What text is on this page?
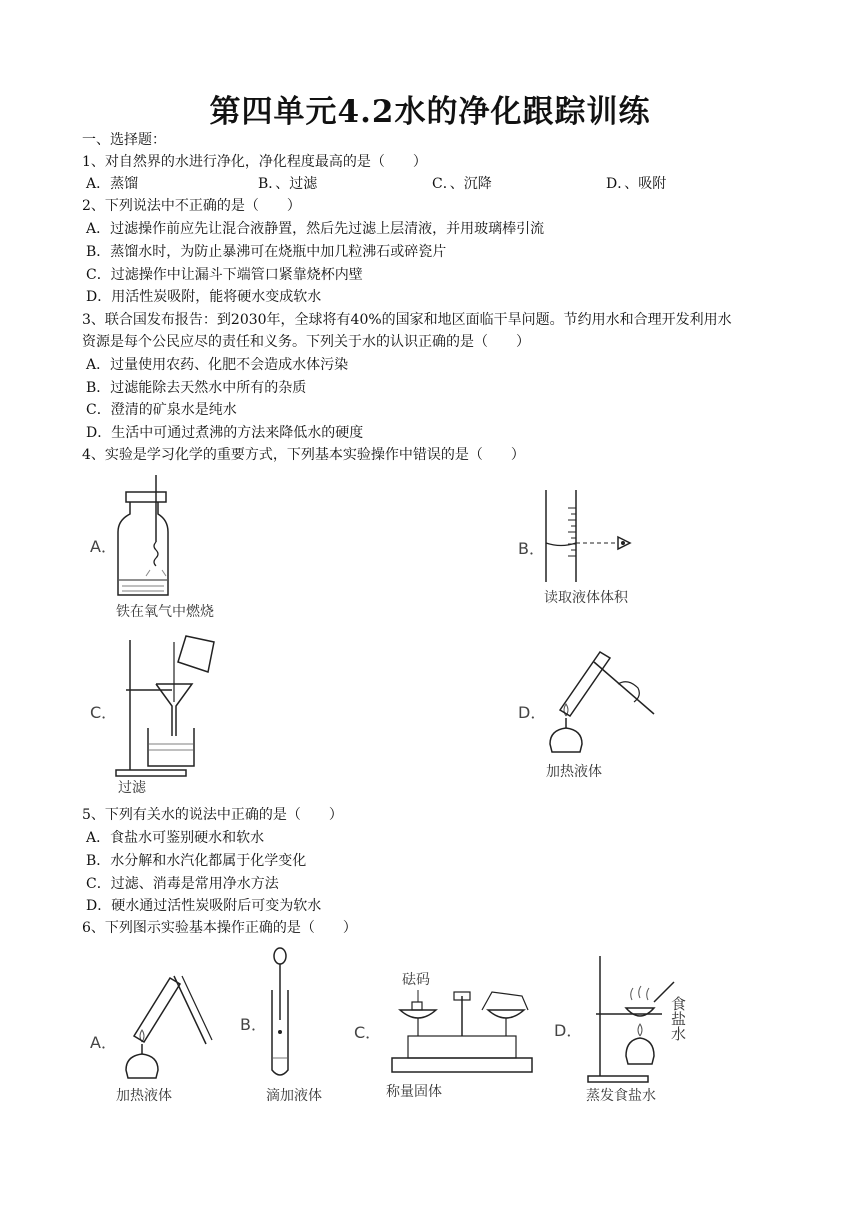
第四单元4.2水的净化跟踪训练
一、选择题：
1、对自然界的水进行净化，净化程度最高的是（　　）
A．蒸馏	B．、过滤	C．、沉降	D．、吸附
2、下列说法中不正确的是（　　）
A．过滤操作前应先让混合液静置，然后先过滤上层清液，并用玻璃棒引流
B．蒸馏水时，为防止暴沸可在烧瓶中加几粒沸石或碎瓷片
C．过滤操作中让漏斗下端管口紧靠烧杯内壁
D．用活性炭吸附，能将硬水变成软水
3、联合国发布报告：到2030年，全球将有40%的国家和地区面临干旱问题。节约用水和合理开发利用水
资源是每个公民应尽的责任和义务。下列关于水的认识正确的是（　　）
A．过量使用农药、化肥不会造成水体污染
B．过滤能除去天然水中所有的杂质
C．澄清的矿泉水是纯水
D．生活中可通过煮沸的方法来降低水的硬度
4、实验是学习化学的重要方式，下列基本实验操作中错误的是（　　）
A．
铁在氧气中燃烧
B．
读取液体体积
C．
过滤
D．
加热液体
5、下列有关水的说法中正确的是（　　）
A．食盐水可鉴别硬水和软水
B．水分解和水汽化都属于化学变化
C．过滤、消毒是常用净水方法
D．硬水通过活性炭吸附后可变为软水
6、下列图示实验基本操作正确的是（　　）
A．
加热液体
B．
滴加液体
C．
砝码
称量固体
D．	食盐水
蒸发食盐水
